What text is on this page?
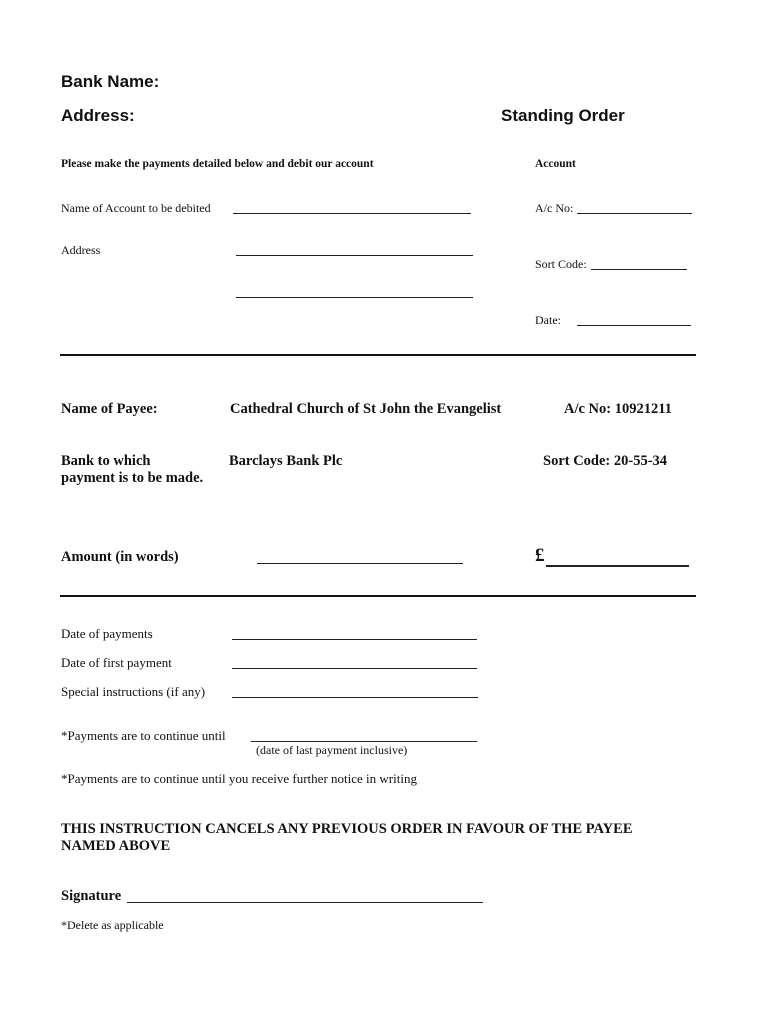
Bank Name:
Address:	Standing Order
Please make the payments detailed below and debit our account	Account
Name of Account to be debited	A/c No:
Address
Sort Code:
Date:
Name of Payee:	Cathedral Church of St John the Evangelist	A/c No: 10921211
Bank to which
payment is to be made.
Barclays Bank Plc	Sort Code: 20-55-34
Amount (in words)	£
Date of payments
Date of first payment
Special instructions (if any)
*Payments are to continue until
(date of last payment inclusive)
*Payments are to continue until you receive further notice in writing
THIS INSTRUCTION CANCELS ANY PREVIOUS ORDER IN FAVOUR OF THE PAYEE
NAMED ABOVE
Signature
*Delete as applicable
